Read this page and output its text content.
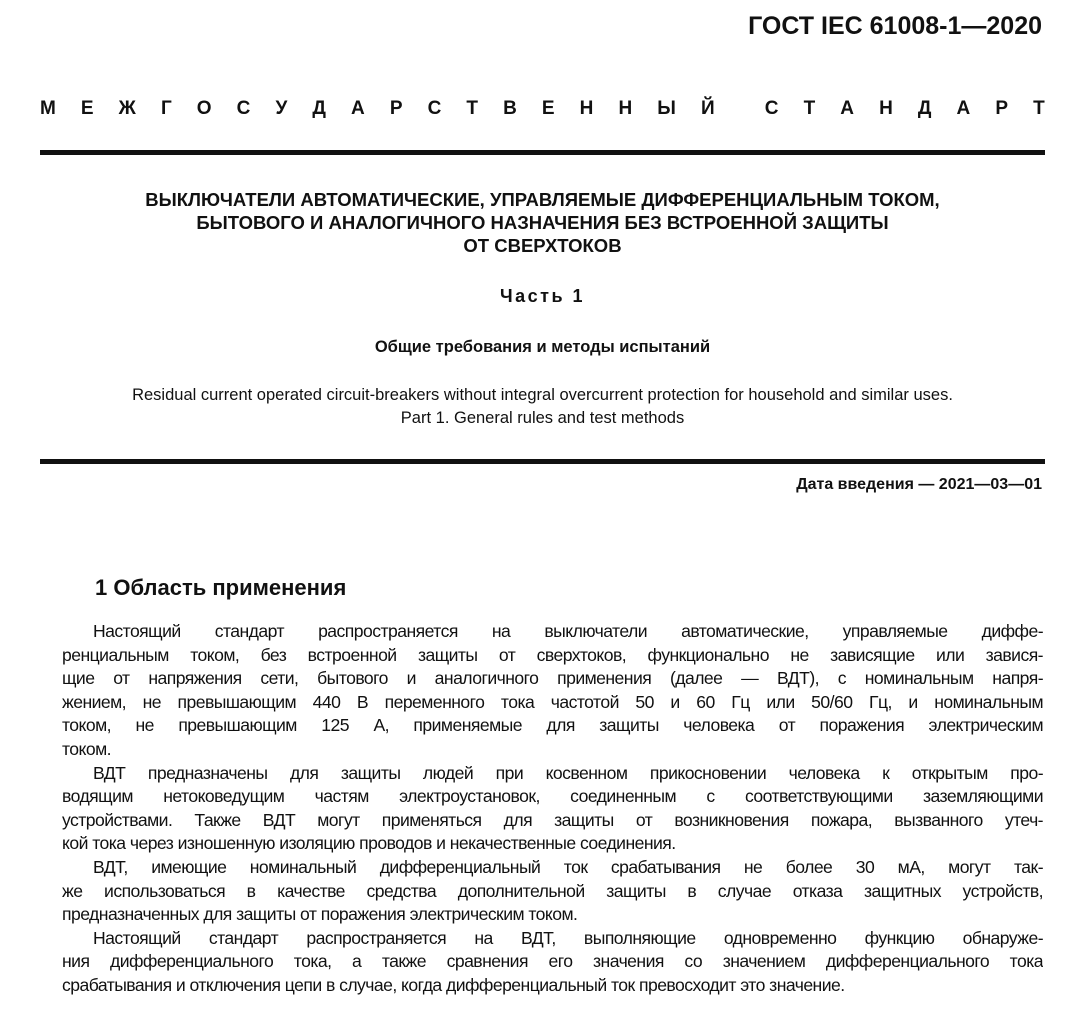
ГОСТ IEC 61008-1—2020
М Е Ж Г О С У Д А Р С Т В Е Н Н Ы Й	С Т А Н Д А Р Т
ВЫКЛЮЧАТЕЛИ АВТОМАТИЧЕСКИЕ, УПРАВЛЯЕМЫЕ ДИФФЕРЕНЦИАЛЬНЫМ ТОКОМ,
БЫТОВОГО И АНАЛОГИЧНОГО НАЗНАЧЕНИЯ БЕЗ ВСТРОЕННОЙ ЗАЩИТЫ
ОТ СВЕРХТОКОВ
Часть 1
Общие требования и методы испытаний
Residual current operated circuit-breakers without integral overcurrent protection for household and similar uses.
Part 1. General rules and test methods
Дата введения — 2021—03—01
1 Область применения
Настоящий стандарт распространяется на выключатели автоматические, управляемые диффе-
ренциальным током, без встроенной защиты от сверхтоков, функционально не зависящие или завися-
щие от напряжения сети, бытового и аналогичного применения (далее — ВДТ), с номинальным напря-
жением, не превышающим 440 В переменного тока частотой 50 и 60 Гц или 50/60 Гц, и номинальным
током, не превышающим 125 А, применяемые для защиты человека от поражения электрическим
током.
ВДТ предназначены для защиты людей при косвенном прикосновении человека к открытым про-
водящим нетоковедущим частям электроустановок, соединенным с соответствующими заземляющими
устройствами. Также ВДТ могут применяться для защиты от возникновения пожара, вызванного утеч-
кой тока через изношенную изоляцию проводов и некачественные соединения.
ВДТ, имеющие номинальный дифференциальный ток срабатывания не более 30 мА, могут так-
же использоваться в качестве средства дополнительной защиты в случае отказа защитных устройств,
предназначенных для защиты от поражения электрическим током.
Настоящий стандарт распространяется на ВДТ, выполняющие одновременно функцию обнаруже-
ния дифференциального тока, а также сравнения его значения со значением дифференциального тока
срабатывания и отключения цепи в случае, когда дифференциальный ток превосходит это значение.
